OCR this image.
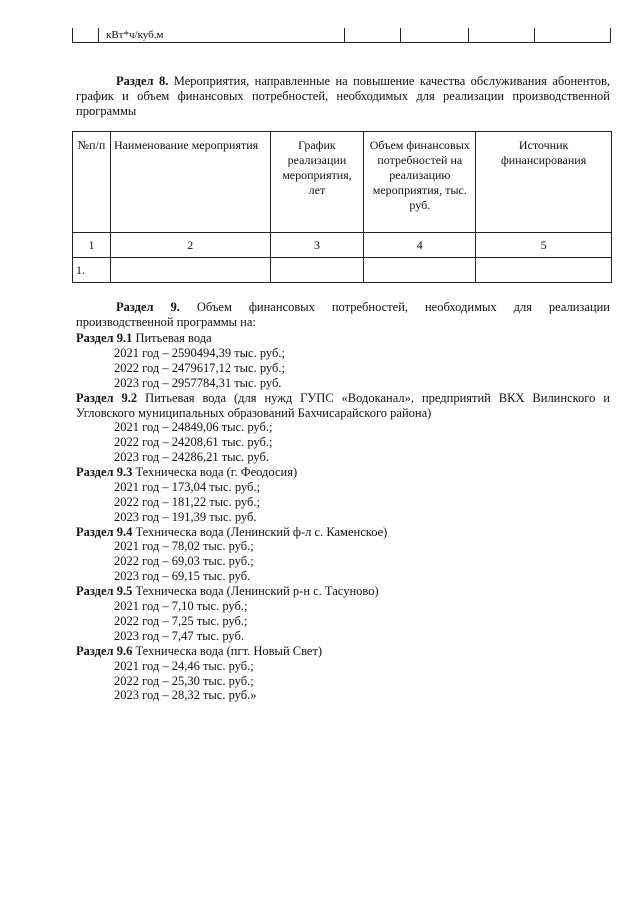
кВт*ч/куб.м
Раздел 8. Мероприятия, направленные на повышение качества обслуживания абонентов, график и объем финансовых потребностей, необходимых для реализации производственной программы
№п/п	Наименование мероприятия	График реализации мероприятия, лет	Объем финансовых потребностей на реализацию мероприятия, тыс. руб.	Источник финансирования
1	2	3	4	5
1.				
Раздел 9. Объем финансовых потребностей, необходимых для реализации производственной программы на:
Раздел 9.1 Питьевая вода
2021 год – 2590494,39 тыс. руб.;
2022 год – 2479617,12 тыс. руб.;
2023 год – 2957784,31 тыс. руб.
Раздел 9.2 Питьевая вода (для нужд ГУПС «Водоканал», предприятий ВКХ Вилинского и Угловского муниципальных образований Бахчисарайского района)
2021 год – 24849,06 тыс. руб.;
2022 год – 24208,61 тыс. руб.;
2023 год – 24286,21 тыс. руб.
Раздел 9.3 Техническа вода (г. Феодосия)
2021 год – 173,04 тыс. руб.;
2022 год – 181,22 тыс. руб.;
2023 год – 191,39 тыс. руб.
Раздел 9.4 Техническа вода (Ленинский ф-л с. Каменское)
2021 год – 78,02 тыс. руб.;
2022 год – 69,03 тыс. руб.;
2023 год – 69,15 тыс. руб.
Раздел 9.5 Техническа вода (Ленинский р-н с. Тасуново)
2021 год – 7,10 тыс. руб.;
2022 год – 7,25 тыс. руб.;
2023 год – 7,47 тыс. руб.
Раздел 9.6 Техническа вода (пгт. Новый Свет)
2021 год – 24,46 тыс. руб.;
2022 год – 25,30 тыс. руб.;
2023 год – 28,32 тыс. руб.»
